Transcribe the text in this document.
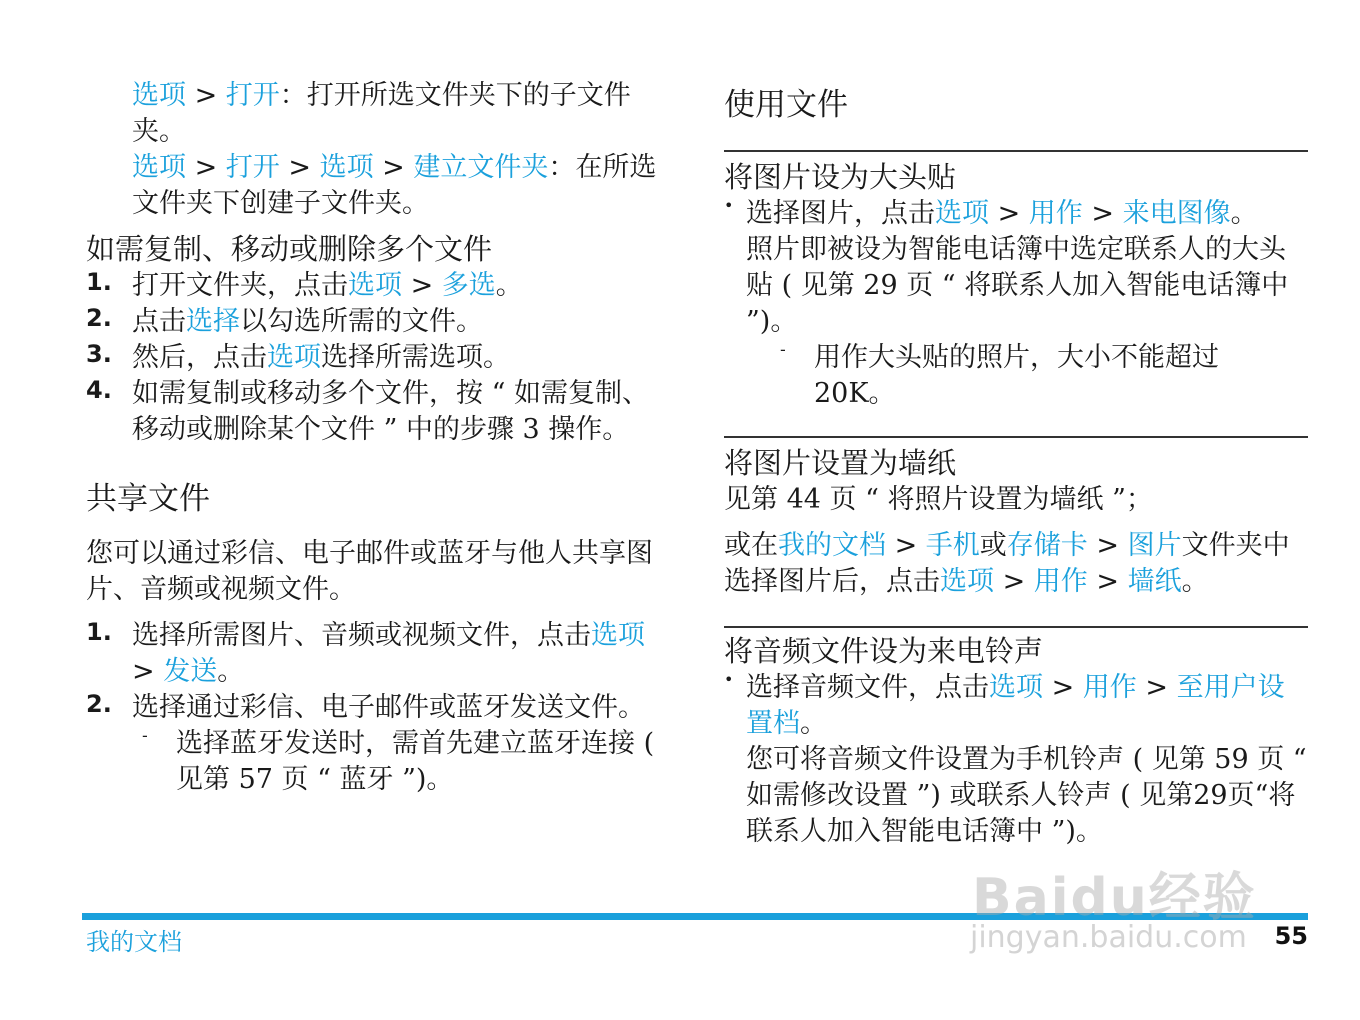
选项 > 打开：打开所选文件夹下的子文件夹。

选项 > 打开 > 选项 > 建立文件夹：在所选文件夹下创建子文件夹。

如需复制、移动或删除多个文件
1. 打开文件夹，点击选项 > 多选。

2. 点击选择以勾选所需的文件。

3. 然后，点击选项选择所需选项。

4. 如需复制或移动多个文件，按 “ 如需复制、移动或删除某个文件 ” 中的步骤 3 操作。

共享文件

您可以通过彩信、电子邮件或蓝牙与他人共享图片、音频或视频文件。

1. 选择所需图片、音频或视频文件，点击选项 > 发送。

2. 选择通过彩信、电子邮件或蓝牙发送文件。

-	选择蓝牙发送时，需首先建立蓝牙连接 ( 见第 57 页 “ 蓝牙 ”)。

使用文件
将图片设为大头贴
• 选择图片，点击选项 > 用作 > 来电图像。

照片即被设为智能电话簿中选定联系人的大头贴 ( 见第 29 页 “ 将联系人加入智能电话簿中 ”)。

-	用作大头贴的照片，大小不能超过 20K。

将图片设置为墙纸

见第 44 页 “ 将照片设置为墙纸 ”；

或在我的文档 > 手机或存储卡 > 图片文件夹中选择图片后，点击选项 > 用作 > 墙纸。

将音频文件设为来电铃声
• 选择音频文件，点击选项 > 用作 > 至用户设置档。

您可将音频文件设置为手机铃声 ( 见第 59 页 “ 如需修改设置 ”) 或联系人铃声 ( 见第29页“将联系人加入智能电话簿中 ”)。

我的文档	55
Baidu经验
jingyan.baidu.com
